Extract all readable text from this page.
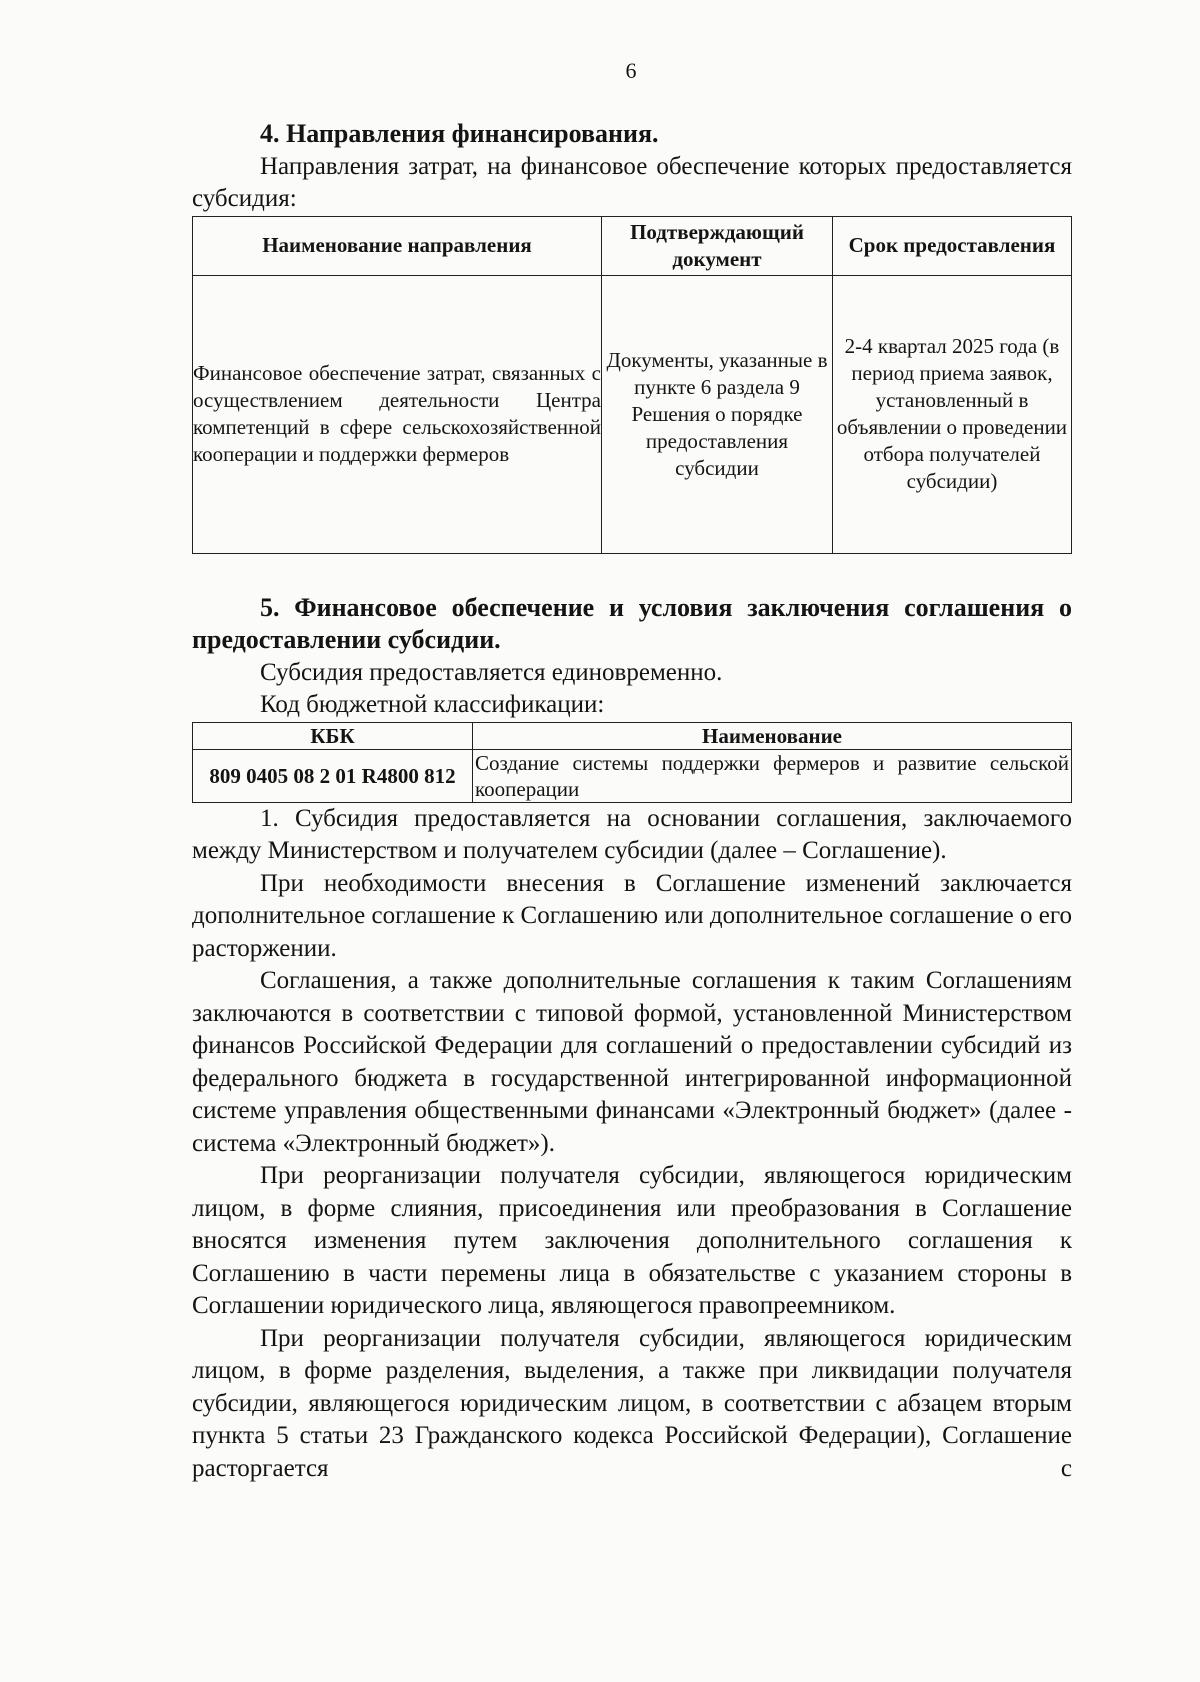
6

4. Направления финансирования.

Направления затрат, на финансовое обеспечение которых предоставляется субсидия:

Наименование направления	Подтверждающий документ	Срок предоставления
Финансовое обеспечение затрат, связанных с осуществлением деятельности Центра компетенций в сфере сельскохозяйственной кооперации и поддержки фермеров	Документы, указанные в пункте 6 раздела 9 Решения о порядке предоставления субсидии	2-4 квартал 2025 года (в период приема заявок, установленный в объявлении о проведении отбора получателей субсидии)

5. Финансовое обеспечение и условия заключения соглашения о предоставлении субсидии.

Субсидия предоставляется единовременно.

Код бюджетной классификации:

КБК	Наименование
809 0405 08 2 01 R4800 812	Создание системы поддержки фермеров и развитие сельской кооперации

1. Субсидия предоставляется на основании соглашения, заключаемого между Министерством и получателем субсидии (далее – Соглашение).

При необходимости внесения в Соглашение изменений заключается дополнительное соглашение к Соглашению или дополнительное соглашение о его расторжении.

Соглашения, а также дополнительные соглашения к таким Соглашениям заключаются в соответствии с типовой формой, установленной Министерством финансов Российской Федерации для соглашений о предоставлении субсидий из федерального бюджета в государственной интегрированной информационной системе управления общественными финансами «Электронный бюджет» (далее - система «Электронный бюджет»).

При реорганизации получателя субсидии, являющегося юридическим лицом, в форме слияния, присоединения или преобразования в Соглашение вносятся изменения путем заключения дополнительного соглашения к Соглашению в части перемены лица в обязательстве с указанием стороны в Соглашении юридического лица, являющегося правопреемником.

При реорганизации получателя субсидии, являющегося юридическим лицом, в форме разделения, выделения, а также при ликвидации получателя субсидии, являющегося юридическим лицом, в соответствии с абзацем вторым пункта 5 статьи 23 Гражданского кодекса Российской Федерации), Соглашение расторгается с
